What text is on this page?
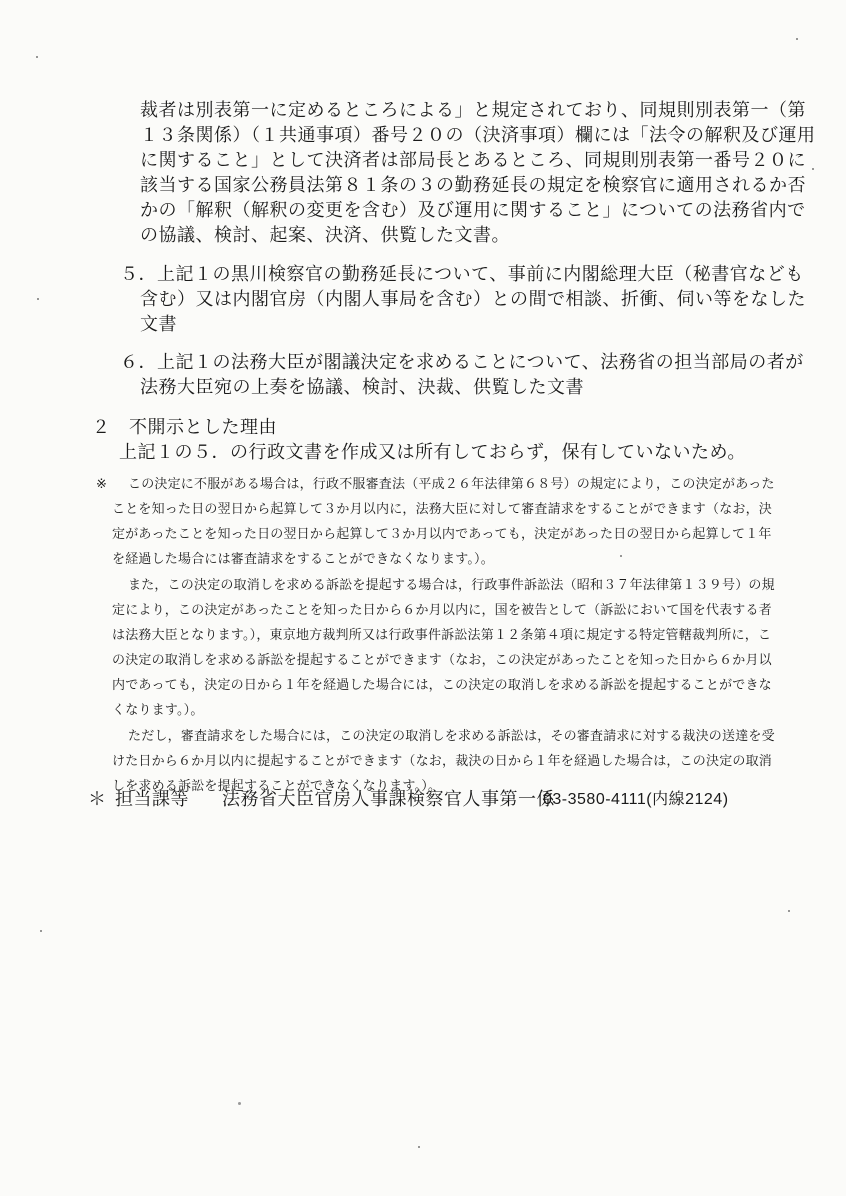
裁者は別表第一に定めるところによる」と規定されており、同規則別表第一（第
１３条関係）（１共通事項）番号２０の（決済事項）欄には「法令の解釈及び運用
に関すること」として決済者は部局長とあるところ、同規則別表第一番号２０に
該当する国家公務員法第８１条の３の勤務延長の規定を検察官に適用されるか否
かの「解釈（解釈の変更を含む）及び運用に関すること」についての法務省内で
の協議、検討、起案、決済、供覧した文書。
５．上記１の黒川検察官の勤務延長について、事前に内閣総理大臣（秘書官なども
含む）又は内閣官房（内閣人事局を含む）との間で相談、折衝、伺い等をなした
文書
６．上記１の法務大臣が閣議決定を求めることについて、法務省の担当部局の者が
法務大臣宛の上奏を協議、検討、決裁、供覧した文書
２　不開示とした理由
上記１の５．の行政文書を作成又は所有しておらず，保有していないため。
※ この決定に不服がある場合は，行政不服審査法（平成２６年法律第６８号）の規定により，この決定があった
ことを知った日の翌日から起算して３か月以内に，法務大臣に対して審査請求をすることができます（なお，決
定があったことを知った日の翌日から起算して３か月以内であっても，決定があった日の翌日から起算して１年
を経過した場合には審査請求をすることができなくなります。）。
また，この決定の取消しを求める訴訟を提起する場合は，行政事件訴訟法（昭和３７年法律第１３９号）の規
定により，この決定があったことを知った日から６か月以内に，国を被告として（訴訟において国を代表する者
は法務大臣となります。），東京地方裁判所又は行政事件訴訟法第１２条第４項に規定する特定管轄裁判所に，こ
の決定の取消しを求める訴訟を提起することができます（なお，この決定があったことを知った日から６か月以
内であっても，決定の日から１年を経過した場合には，この決定の取消しを求める訴訟を提起することができな
くなります。）。
ただし，審査請求をした場合には，この決定の取消しを求める訴訟は，その審査請求に対する裁決の送達を受
けた日から６か月以内に提起することができます（なお，裁決の日から１年を経過した場合は，この決定の取消
しを求める訴訟を提起することができなくなります。）。
＊ 担当課等 法務省大臣官房人事課検察官人事第一係
03-3580-4111(内線2124)
